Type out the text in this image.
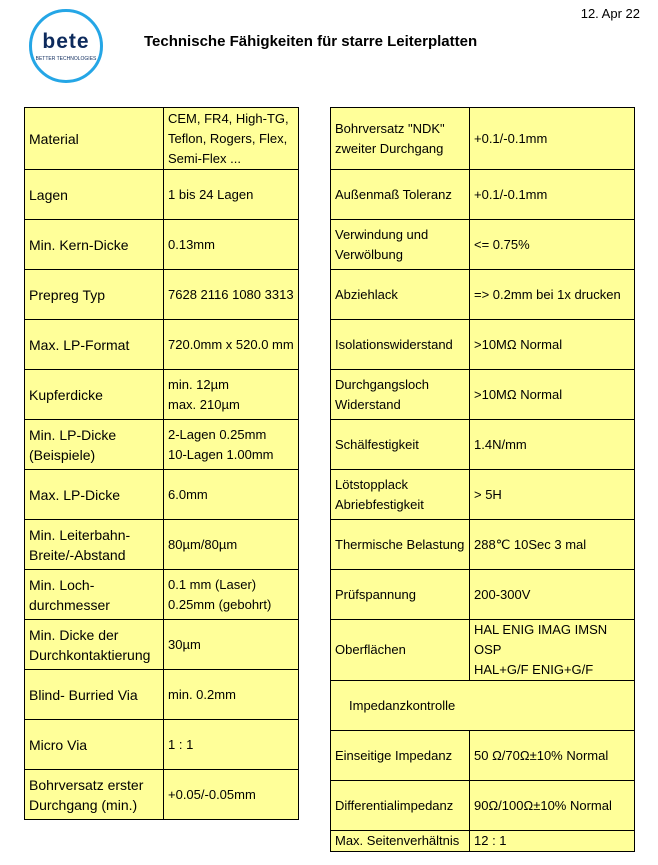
12. Apr 22
bete
BETTER TECHNOLOGIES
Technische Fähigkeiten für starre Leiterplatten
Material	CEM, FR4, High-TG,
Teflon, Rogers, Flex,
Semi-Flex ...
Lagen	1 bis 24 Lagen
Min. Kern-Dicke	0.13mm
Prepreg Typ	7628 2116 1080 3313
Max. LP-Format	720.0mm x 520.0 mm
Kupferdicke	min. 12µm
max. 210µm
Min. LP-Dicke
(Beispiele)	2-Lagen 0.25mm
10-Lagen 1.00mm
Max. LP-Dicke	6.0mm
Min. Leiterbahn-
Breite/-Abstand	80µm/80µm
Min. Loch-
durchmesser	0.1 mm (Laser)
0.25mm (gebohrt)
Min. Dicke der
Durchkontaktierung	30µm
Blind- Burried Via	min. 0.2mm
Micro Via	1 : 1
Bohrversatz erster
Durchgang (min.)	+0.05/-0.05mm
Bohrversatz "NDK"
zweiter Durchgang	+0.1/-0.1mm
Außenmaß Toleranz	+0.1/-0.1mm
Verwindung und
Verwölbung	<= 0.75%
Abziehlack	=> 0.2mm bei 1x drucken
Isolationswiderstand	>10MΩ Normal
Durchgangsloch
Widerstand	>10MΩ Normal
Schälfestigkeit	1.4N/mm
Lötstopplack
Abriebfestigkeit	> 5H
Thermische Belastung	288℃ 10Sec 3 mal
Prüfspannung	200-300V
Oberflächen	HAL ENIG IMAG IMSN OSP
HAL+G/F ENIG+G/F
Impedanzkontrolle	
Einseitige Impedanz	50 Ω/70Ω±10% Normal
Differentialimpedanz	90Ω/100Ω±10% Normal
Max. Seitenverhältnis	12 : 1
